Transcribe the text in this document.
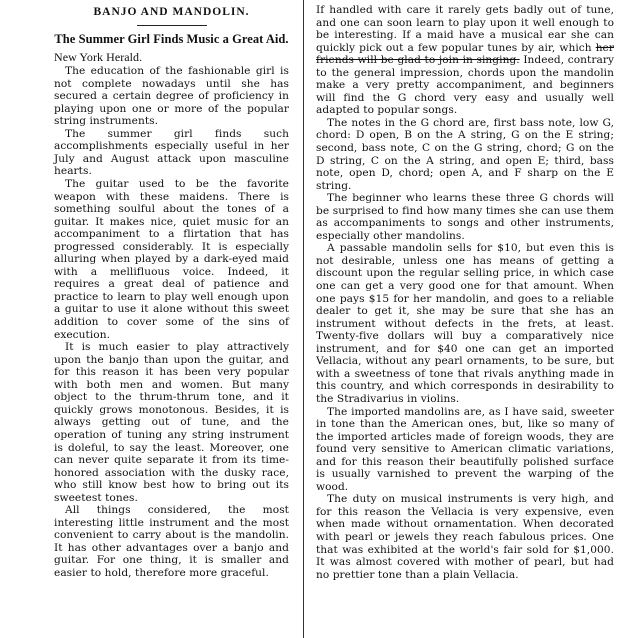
BANJO AND MANDOLIN.
The Summer Girl Finds Music a Great Aid.
New York Herald.

The education of the fashionable girl is not complete nowadays until she has secured a certain degree of proficiency in playing upon one or more of the popular string instruments.

The summer girl finds such accomplishments especially useful in her July and August attack upon masculine hearts.

The guitar used to be the favorite weapon with these maidens. There is something soulful about the tones of a guitar. It makes nice, quiet music for an accompaniment to a flirtation that has progressed considerably. It is especially alluring when played by a dark-eyed maid with a mellifluous voice. Indeed, it requires a great deal of patience and practice to learn to play well enough upon a guitar to use it alone without this sweet addition to cover some of the sins of execution.

It is much easier to play attractively upon the banjo than upon the guitar, and for this reason it has been very popular with both men and women. But many object to the thrum-thrum tone, and it quickly grows monotonous. Besides, it is always getting out of tune, and the operation of tuning any string instrument is doleful, to say the least. Moreover, one can never quite separate it from its time-honored association with the dusky race, who still know best how to bring out its sweetest tones.

All things considered, the most interesting little instrument and the most convenient to carry about is the mandolin. It has other advantages over a banjo and guitar. For one thing, it is smaller and easier to hold, therefore more graceful.

If handled with care it rarely gets badly out of tune, and one can soon learn to play upon it well enough to be interesting. If a maid have a musical ear she can quickly pick out a few popular tunes by air, which her friends will be glad to join in singing. Indeed, contrary to the general impression, chords upon the mandolin make a very pretty accompaniment, and beginners will find the G chord very easy and usually well adapted to popular songs.

The notes in the G chord are, first bass note, low G, chord: D open, B on the A string, G on the E string; second, bass note, C on the G string, chord; G on the D string, C on the A string, and open E; third, bass note, open D, chord; open A, and F sharp on the E string.

The beginner who learns these three G chords will be surprised to find how many times she can use them as accompaniments to songs and other instruments, especially other mandolins.

A passable mandolin sells for $10, but even this is not desirable, unless one has means of getting a discount upon the regular selling price, in which case one can get a very good one for that amount. When one pays $15 for her mandolin, and goes to a reliable dealer to get it, she may be sure that she has an instrument without defects in the frets, at least. Twenty-five dollars will buy a comparatively nice instrument, and for $40 one can get an imported Vellacia, without any pearl ornaments, to be sure, but with a sweetness of tone that rivals anything made in this country, and which corresponds in desirability to the Stradivarius in violins.

The imported mandolins are, as I have said, sweeter in tone than the American ones, but, like so many of the imported articles made of foreign woods, they are found very sensitive to American climatic variations, and for this reason their beautifully polished surface is usually varnished to prevent the warping of the wood.

The duty on musical instruments is very high, and for this reason the Vellacia is very expensive, even when made without ornamentation. When decorated with pearl or jewels they reach fabulous prices. One that was exhibited at the world's fair sold for $1,000. It was almost covered with mother of pearl, but had no prettier tone than a plain Vellacia.
